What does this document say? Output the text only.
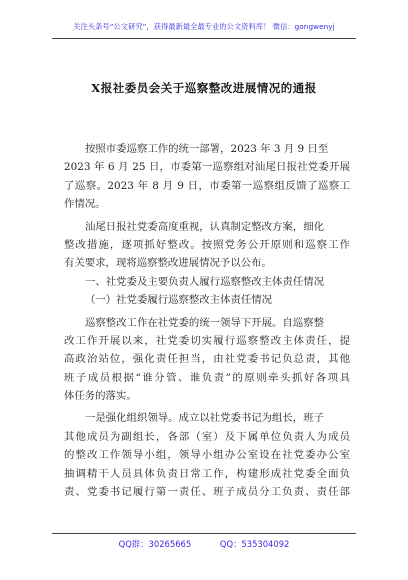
关注头条号“公文研究”，获得最新最全最专业的公文资料库！ 微信：gongwenyj
X报社委员会关于巡察整改进展情况的通报
按照市委巡察工作的统一部署，2023 年 3 月 9 日至
2023 年 6 月 25 日，市委第一巡察组对汕尾日报社党委开展
了巡察。2023 年 8 月 9 日，市委第一巡察组反馈了巡察工
作情况。
汕尾日报社党委高度重视，认真制定整改方案，细化
整改措施，逐项抓好整改。按照党务公开原则和巡察工作
有关要求，现将巡察整改进展情况予以公布。
一、社党委及主要负责人履行巡察整改主体责任情况
（一）社党委履行巡察整改主体责任情况
巡察整改工作在社党委的统一领导下开展。自巡察整
改工作开展以来，社党委切实履行巡察整改主体责任，提
高政治站位，强化责任担当，由社党委书记负总责，其他
班子成员根据“谁分管、谁负责”的原则牵头抓好各项具
体任务的落实。
一是强化组织领导。成立以社党委书记为组长，班子
其他成员为副组长，各部（室）及下属单位负责人为成员
的整改工作领导小组，领导小组办公室设在社党委办公室
抽调精干人员具体负责日常工作，构建形成社党委全面负
责、党委书记履行第一责任、班子成员分工负责、责任部
QQ群：30265665	QQ：535304092
